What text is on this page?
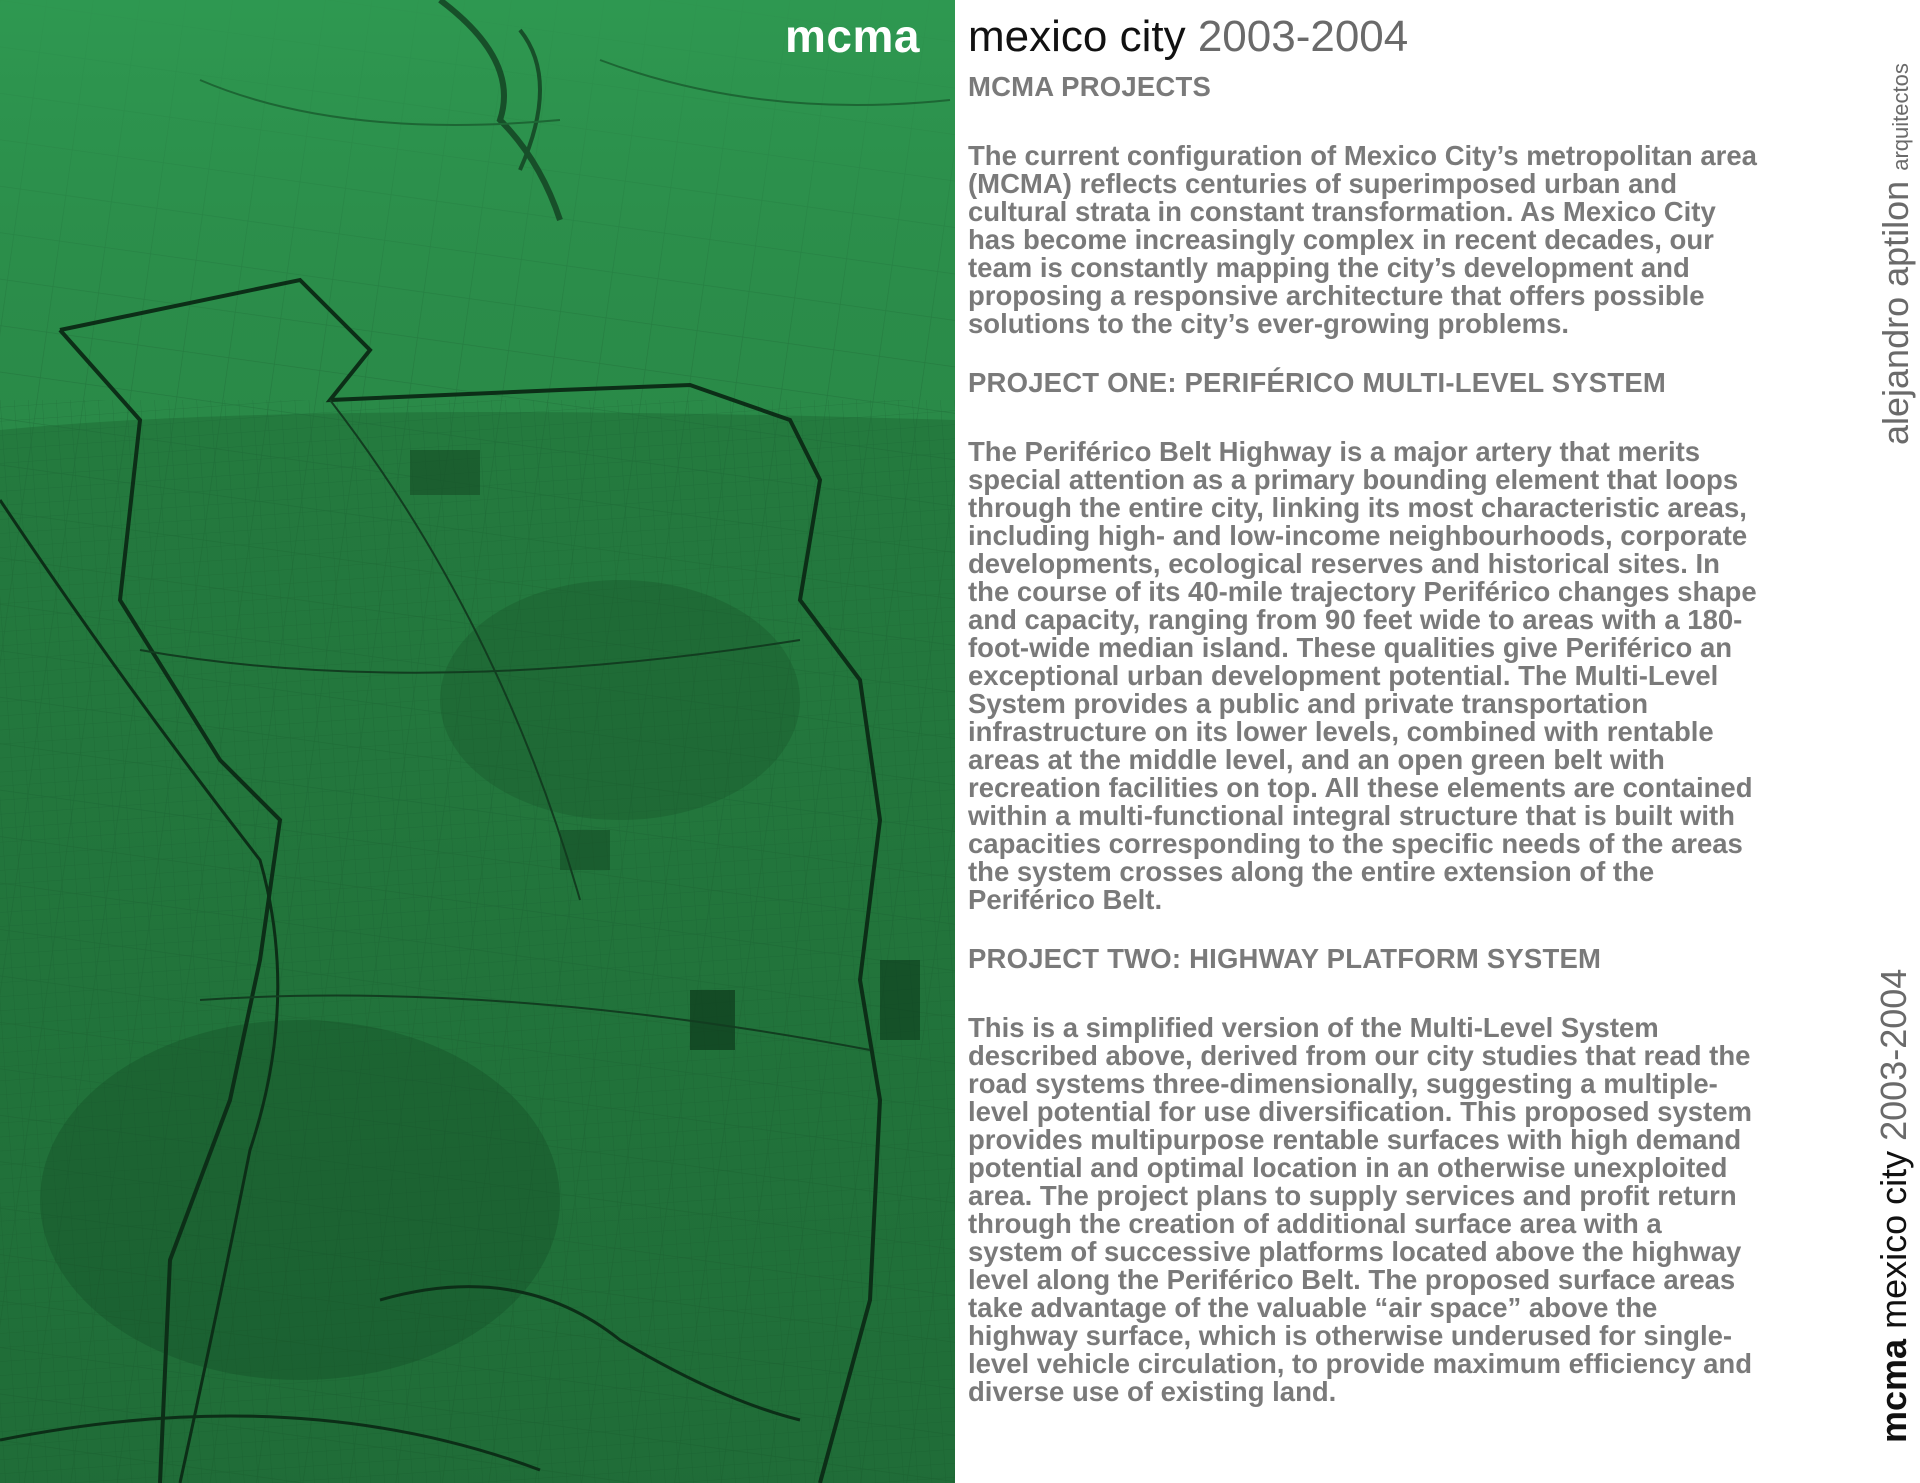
mcma mexico city 2003-2004
MCMA PROJECTS

The current configuration of Mexico City’s metropolitan area (MCMA) reflects centuries of superimposed urban and cultural strata in constant transformation. As Mexico City has become increasingly complex in recent decades, our team is constantly mapping the city’s development and proposing a responsive architecture that offers possible solutions to the city’s ever-growing problems.

PROJECT ONE: PERIFÉRICO MULTI-LEVEL SYSTEM

The Periférico Belt Highway is a major artery that merits special attention as a primary bounding element that loops through the entire city, linking its most characteristic areas, including high- and low-income neighbourhoods, corporate developments, ecological reserves and historical sites. In the course of its 40-mile trajectory Periférico changes shape and capacity, ranging from 90 feet wide to areas with a 180-foot-wide median island. These qualities give Periférico an exceptional urban development potential. The Multi-Level System provides a public and private transportation infrastructure on its lower levels, combined with rentable areas at the middle level, and an open green belt with recreation facilities on top. All these elements are contained within a multi-functional integral structure that is built with capacities corresponding to the specific needs of the areas the system crosses along the entire extension of the Periférico Belt.

PROJECT TWO: HIGHWAY PLATFORM SYSTEM

This is a simplified version of the Multi-Level System described above, derived from our city studies that read the road systems three-dimensionally, suggesting a multiple-level potential for use diversification. This proposed system provides multipurpose rentable surfaces with high demand potential and optimal location in an otherwise unexploited area. The project plans to supply services and profit return through the creation of additional surface area with a system of successive platforms located above the highway level along the Periférico Belt. The proposed surface areas take advantage of the valuable “air space” above the highway surface, which is otherwise underused for single-level vehicle circulation, to provide maximum efficiency and diverse use of existing land.

alejandro aptilon arquitectos
mcma mexico city 2003-2004
